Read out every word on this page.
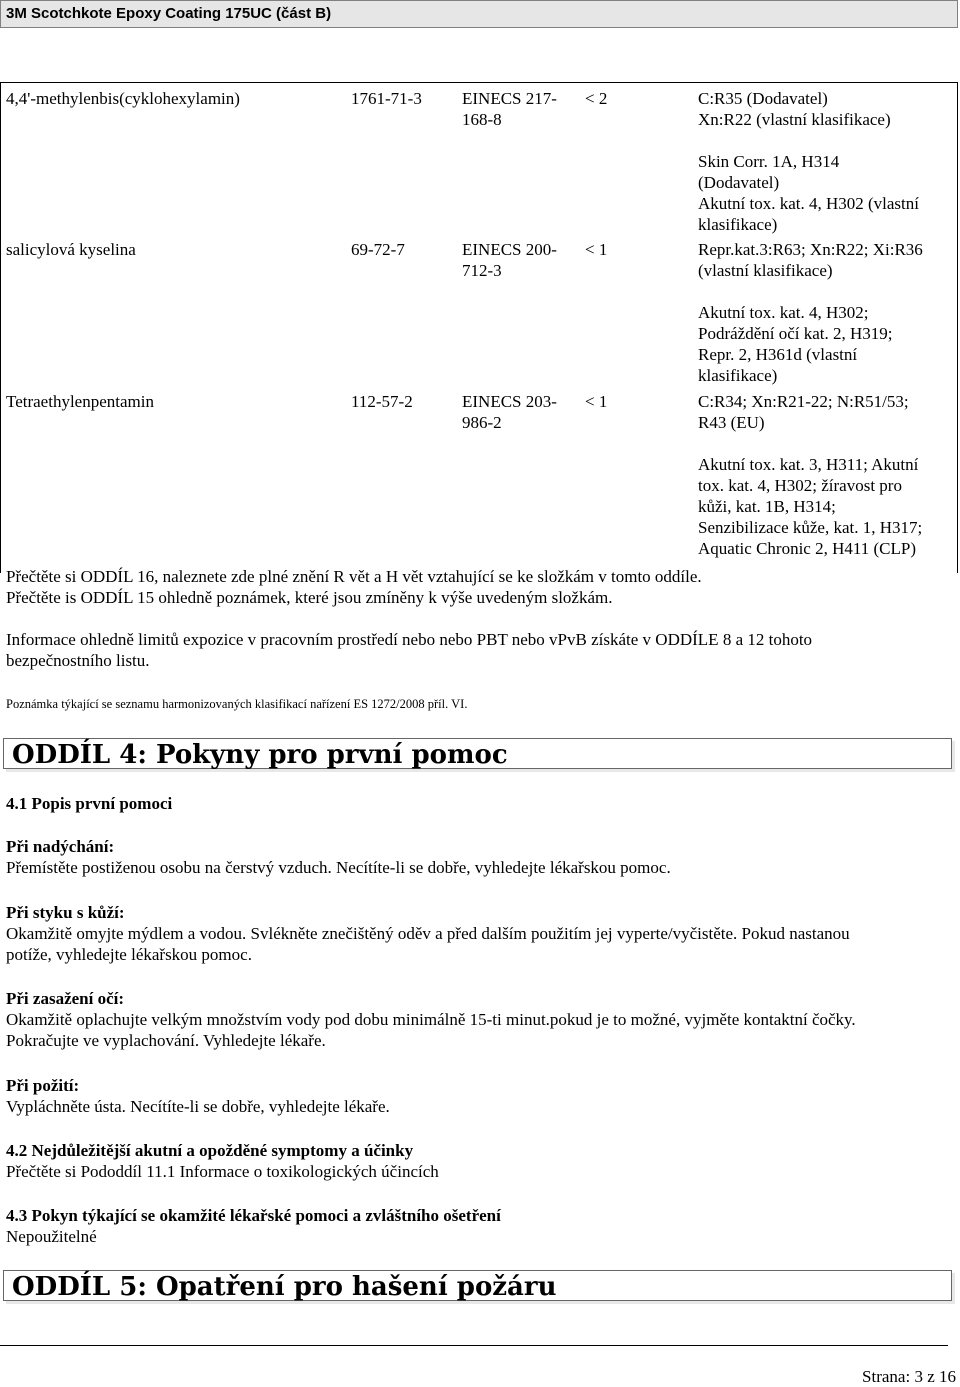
3M Scotchkote Epoxy Coating 175UC (část B)
4,4'-methylenbis(cyklohexylamin)	1761-71-3 EINECS 217-
168-8
< 2	C:R35 (Dodavatel)
Xn:R22 (vlastní klasifikace)
Skin Corr. 1A, H314
(Dodavatel)
Akutní tox. kat. 4, H302 (vlastní
klasifikace)
salicylová kyselina	69-72-7	EINECS 200-
712-3
< 1	Repr.kat.3:R63; Xn:R22; Xi:R36
(vlastní klasifikace)
Akutní tox. kat. 4, H302;
Podráždění očí kat. 2, H319;
Repr. 2, H361d (vlastní
klasifikace)
Tetraethylenpentamin	112-57-2	EINECS 203-
986-2
< 1	C:R34; Xn:R21-22; N:R51/53;
R43 (EU)
Akutní tox. kat. 3, H311; Akutní
tox. kat. 4, H302; žíravost pro
kůži, kat. 1B, H314;
Senzibilizace kůže, kat. 1, H317;
Aquatic Chronic 2, H411 (CLP)
Přečtěte si ODDÍL 16, naleznete zde plné znění R vět a H vět vztahující se ke složkám v tomto oddíle.
Přečtěte is ODDÍL 15 ohledně poznámek, které jsou zmíněny k výše uvedeným složkám.
Informace ohledně limitů expozice v pracovním prostředí nebo nebo PBT nebo vPvB získáte v ODDÍLE 8 a 12 tohoto
bezpečnostního listu.
Poznámka týkající se seznamu harmonizovaných klasifikací nařízení ES 1272/2008 příl. VI.
ODDÍL 4: Pokyny pro první pomoc
4.1 Popis první pomoci
Při nadýchání:
Přemístěte postiženou osobu na čerstvý vzduch. Necítíte-li se dobře, vyhledejte lékařskou pomoc.
Při styku s kůží:
Okamžitě omyjte mýdlem a vodou. Svlékněte znečištěný oděv a před dalším použitím jej vyperte/vyčistěte. Pokud nastanou
potíže, vyhledejte lékařskou pomoc.
Při zasažení očí:
Okamžitě oplachujte velkým množstvím vody pod dobu minimálně 15-ti minut.pokud je to možné, vyjměte kontaktní čočky.
Pokračujte ve vyplachování. Vyhledejte lékaře.
Při požití:
Vypláchněte ústa. Necítíte-li se dobře, vyhledejte lékaře.
4.2 Nejdůležitější akutní a opožděné symptomy a účinky
Přečtěte si Pododdíl 11.1 Informace o toxikologických účincích
4.3 Pokyn týkající se okamžité lékařské pomoci a zvláštního ošetření
Nepoužitelné
ODDÍL 5: Opatření pro hašení požáru
Strana: 3 z 16
